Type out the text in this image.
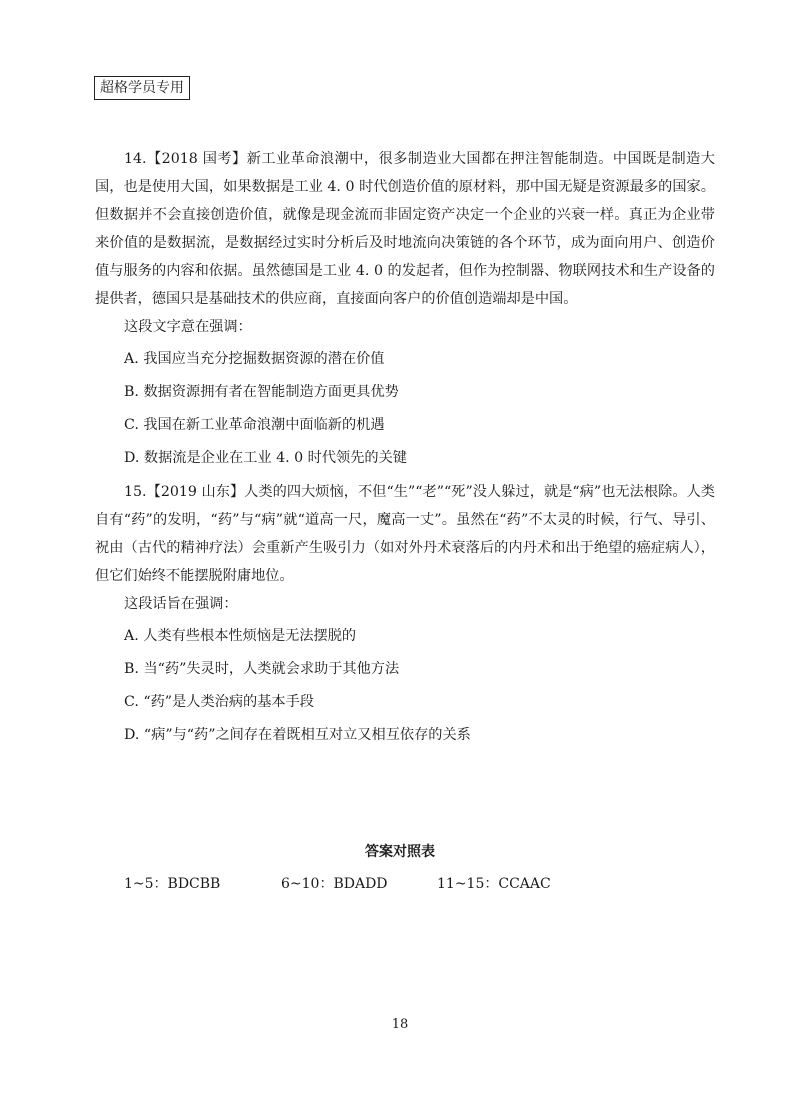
超格学员专用

14.【2018 国考】新工业革命浪潮中，很多制造业大国都在押注智能制造。中国既是制造大国，也是使用大国，如果数据是工业 4. 0 时代创造价值的原材料，那中国无疑是资源最多的国家。但数据并不会直接创造价值，就像是现金流而非固定资产决定一个企业的兴衰一样。真正为企业带来价值的是数据流，是数据经过实时分析后及时地流向决策链的各个环节，成为面向用户、创造价值与服务的内容和依据。虽然德国是工业 4. 0 的发起者，但作为控制器、物联网技术和生产设备的提供者，德国只是基础技术的供应商，直接面向客户的价值创造端却是中国。

这段文字意在强调：

A. 我国应当充分挖掘数据资源的潜在价值

B. 数据资源拥有者在智能制造方面更具优势

C. 我国在新工业革命浪潮中面临新的机遇

D. 数据流是企业在工业 4. 0 时代领先的关键

15.【2019 山东】人类的四大烦恼，不但“生”“老”“死”没人躲过，就是“病”也无法根除。人类自有“药”的发明，“药”与“病”就“道高一尺，魔高一丈”。虽然在“药”不太灵的时候，行气、导引、祝由（古代的精神疗法）会重新产生吸引力（如对外丹术衰落后的内丹术和出于绝望的癌症病人），但它们始终不能摆脱附庸地位。

这段话旨在强调：

A. 人类有些根本性烦恼是无法摆脱的

B. 当“药”失灵时，人类就会求助于其他方法

C. “药”是人类治病的基本手段

D. “病”与“药”之间存在着既相互对立又相互依存的关系

答案对照表
1~5：BDCBB	6~10：BDADD	11~15：CCAAC
18
